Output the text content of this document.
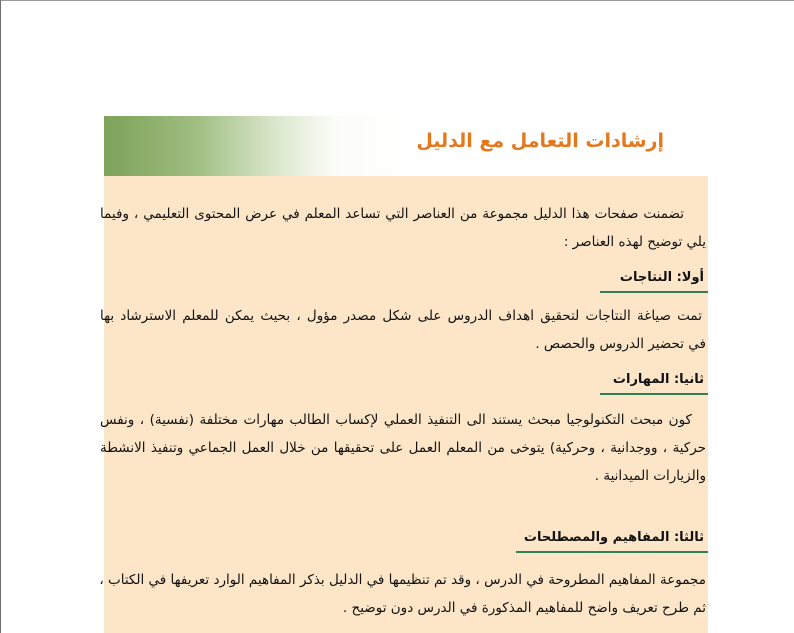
إرشادات التعامل مع الدليل
تضمنت صفحات هذا الدليل مجموعة من العناصر التي تساعد المعلم في عرض المحتوى التعليمي ، وفيما
يلي توضيح لهذه العناصر :
أولا: النتاجات
تمت صياغة النتاجات لتحقيق اهداف الدروس على شكل مصدر مؤول ، بحيث يمكن للمعلم الاسترشاد بها
في تحضير الدروس والحصص .
ثانيا: المهارات
كون مبحث التكنولوجيا مبحث يستند الى التنفيذ العملي لإكساب الطالب مهارات مختلفة (نفسية) ، ونفس
حركية ، ووجدانية ، وحركية) يتوخى من المعلم العمل على تحقيقها من خلال العمل الجماعي وتنفيذ الانشطة
والزيارات الميدانية .
ثالثا: المفاهيم والمصطلحات
مجموعة المفاهيم المطروحة في الدرس ، وقد تم تنظيمها في الدليل بذكر المفاهيم الوارد تعريفها في الكتاب ،
ثم طرح تعريف واضح للمفاهيم المذكورة في الدرس دون توضيح .
